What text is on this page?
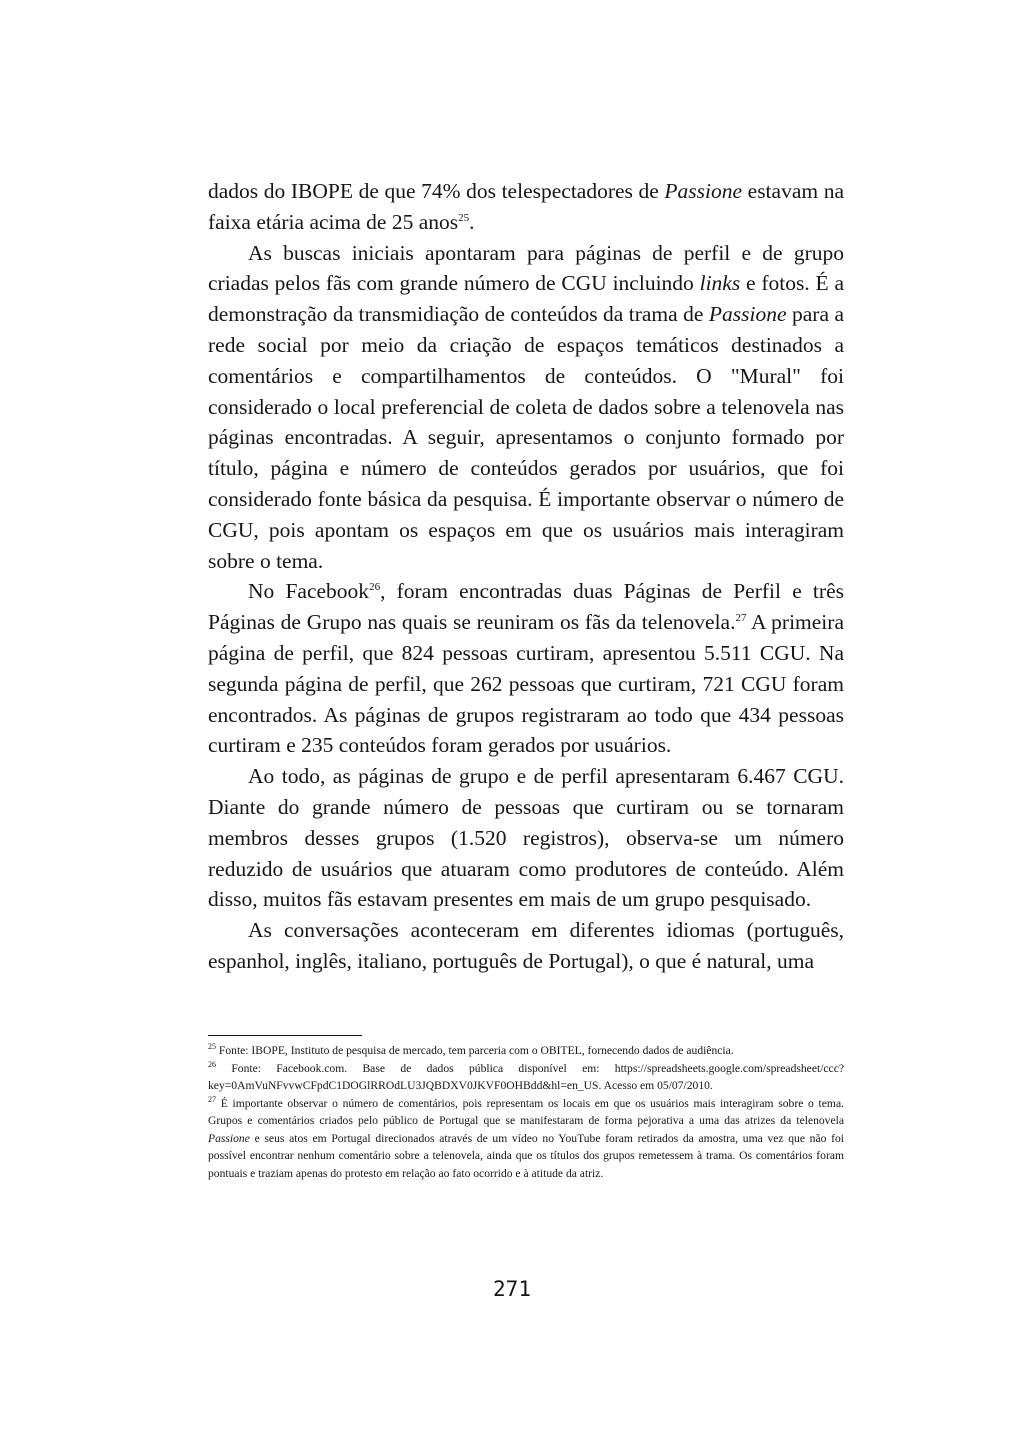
dados do IBOPE de que 74% dos telespectadores de Passione estavam na faixa etária acima de 25 anos$^{25}$.

As buscas iniciais apontaram para páginas de perfil e de grupo criadas pelos fãs com grande número de CGU incluindo links e fotos. É a demonstração da transmidiação de conteúdos da trama de Passione para a rede social por meio da criação de espaços temáticos destinados a comentários e compartilhamentos de conteúdos. O "Mural" foi considerado o local preferencial de coleta de dados sobre a telenovela nas páginas encontradas. A seguir, apresentamos o conjunto formado por título, página e número de conteúdos gerados por usuários, que foi considerado fonte básica da pesquisa. É importante observar o número de CGU, pois apontam os espaços em que os usuários mais interagiram sobre o tema.

No Facebook$^{26}$, foram encontradas duas Páginas de Perfil e três Páginas de Grupo nas quais se reuniram os fãs da telenovela.$^{27}$ A primeira página de perfil, que 824 pessoas curtiram, apresentou 5.511 CGU. Na segunda página de perfil, que 262 pessoas que curtiram, 721 CGU foram encontrados. As páginas de grupos registraram ao todo que 434 pessoas curtiram e 235 conteúdos foram gerados por usuários.

Ao todo, as páginas de grupo e de perfil apresentaram 6.467 CGU. Diante do grande número de pessoas que curtiram ou se tornaram membros desses grupos (1.520 registros), observa-se um número reduzido de usuários que atuaram como produtores de conteúdo. Além disso, muitos fãs estavam presentes em mais de um grupo pesquisado.

As conversações aconteceram em diferentes idiomas (português, espanhol, inglês, italiano, português de Portugal), o que é natural, uma

$^{25}$ Fonte: IBOPE, Instituto de pesquisa de mercado, tem parceria com o OBITEL, fornecendo dados de audiência.

$^{26}$ Fonte: Facebook.com. Base de dados pública disponível em: https://spreadsheets.google.com/spreadsheet/ccc?key=0AmVuNFvvwCFpdC1DOGlRROdLU3JQBDXV0JKVF0OHBdd&hl=en_US. Acesso em 05/07/2010.

$^{27}$ É importante observar o número de comentários, pois representam os locais em que os usuários mais interagiram sobre o tema. Grupos e comentários criados pelo público de Portugal que se manifestaram de forma pejorativa a uma das atrizes da telenovela Passione e seus atos em Portugal direcionados através de um vídeo no YouTube foram retirados da amostra, uma vez que não foi possível encontrar nenhum comentário sobre a telenovela, ainda que os títulos dos grupos remetessem à trama. Os comentários foram pontuais e traziam apenas do protesto em relação ao fato ocorrido e à atitude da atriz.

271
